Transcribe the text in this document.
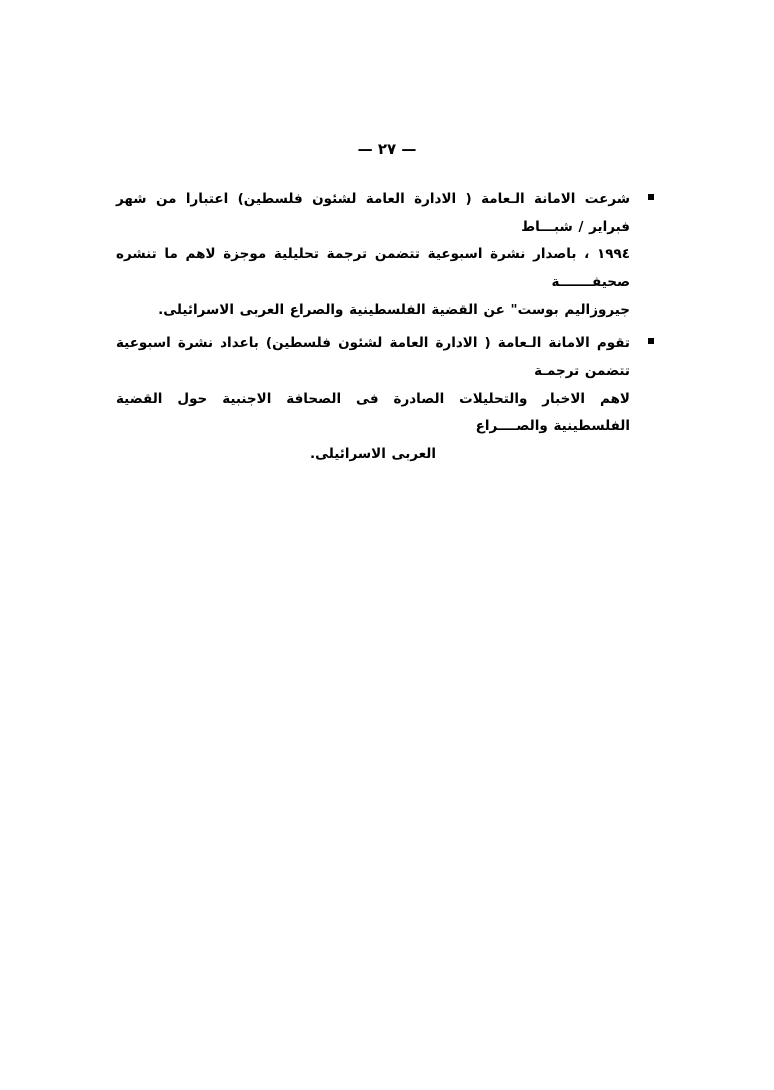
— ٢٧ —
شرعت الامانة الـعامة ( الادارة العامة لشئون فلسطين) اعتبارا من شهر فبراير / شبـــاط
١٩٩٤ ، باصدار نشرة اسبوعية تتضمن ترجمة تحليلية موجزة لاهم ما تنشره صحيفـــــــة
جيروزاليم بوست" عن القضية الفلسطينية والصراع العربى الاسرائيلى.
تقوم الامانة الـعامة ( الادارة العامة لشئون فلسطين) باعداد نشرة اسبوعية تتضمن ترجمـة
لاهم الاخبار والتحليلات الصادرة فى الصحافة الاجنبية حول القضية الفلسطينية والصــــراع
العربى الاسرائيلى.
